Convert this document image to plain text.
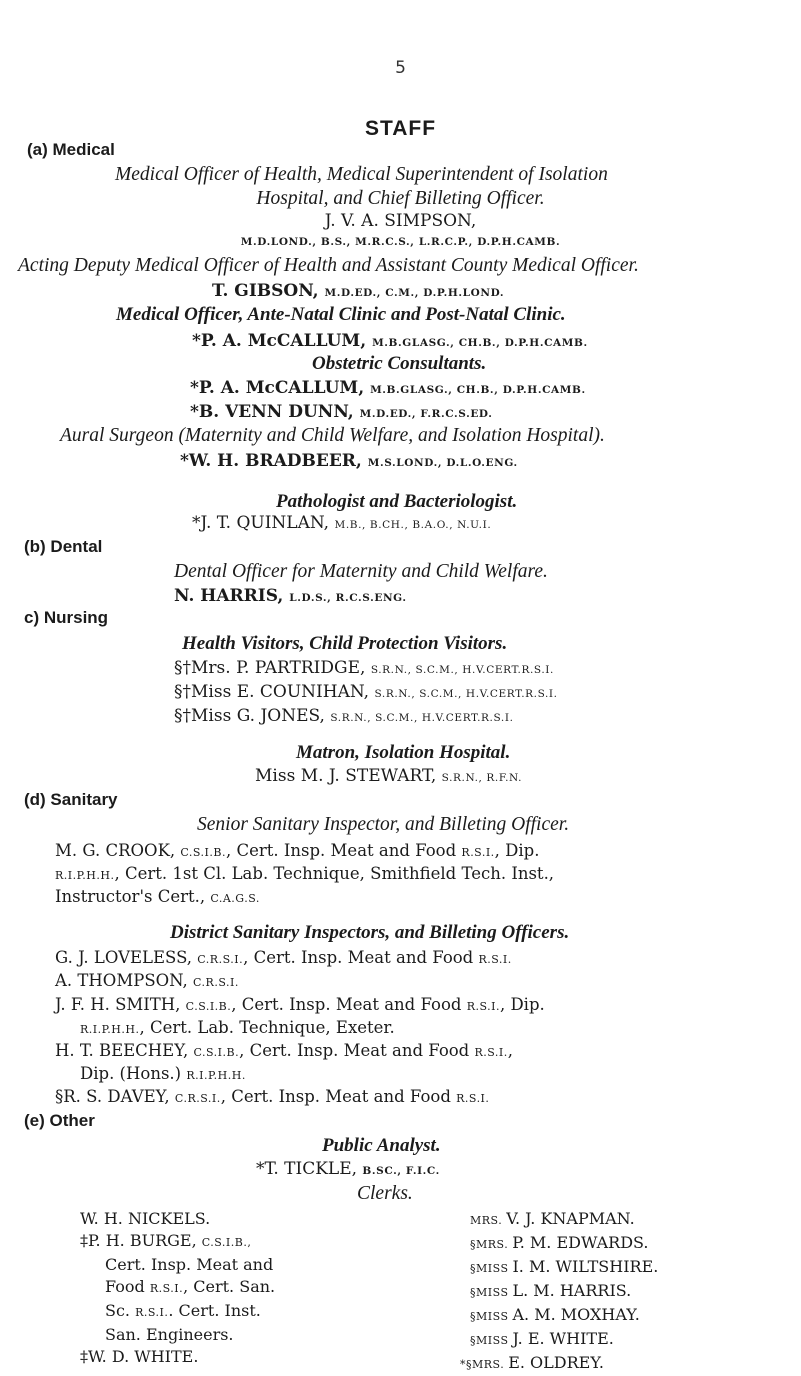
5
STAFF
(a) Medical
Medical Officer of Health, Medical Superintendent of Isolation
Hospital, and Chief Billeting Officer.
J. V. A. SIMPSON,
M.D.LOND., B.S., M.R.C.S., L.R.C.P., D.P.H.CAMB.
Acting Deputy Medical Officer of Health and Assistant County Medical Officer.
T. GIBSON, M.D.ED., C.M., D.P.H.LOND.
Medical Officer, Ante-Natal Clinic and Post-Natal Clinic.
*P. A. McCALLUM, M.B.GLASG., CH.B., D.P.H.CAMB.
Obstetric Consultants.
*P. A. McCALLUM, M.B.GLASG., CH.B., D.P.H.CAMB.
*B. VENN DUNN, M.D.ED., F.R.C.S.ED.
Aural Surgeon (Maternity and Child Welfare, and Isolation Hospital).
*W. H. BRADBEER, M.S.LOND., D.L.O.ENG.
Pathologist and Bacteriologist.
*J. T. QUINLAN, M.B., B.CH., B.A.O., N.U.I.
(b) Dental
Dental Officer for Maternity and Child Welfare.
N. HARRIS, L.D.S., R.C.S.ENG.
c) Nursing
Health Visitors, Child Protection Visitors.
§†Mrs. P. PARTRIDGE, S.R.N., S.C.M., H.V.CERT.R.S.I.
§†Miss E. COUNIHAN, S.R.N., S.C.M., H.V.CERT.R.S.I.
§†Miss G. JONES, S.R.N., S.C.M., H.V.CERT.R.S.I.
Matron, Isolation Hospital.
Miss M. J. STEWART, S.R.N., R.F.N.
(d) Sanitary
Senior Sanitary Inspector, and Billeting Officer.
M. G. CROOK, C.S.I.B., Cert. Insp. Meat and Food R.S.I., Dip.
R.I.P.H.H., Cert. 1st Cl. Lab. Technique, Smithfield Tech. Inst.,
Instructor's Cert., C.A.G.S.
District Sanitary Inspectors, and Billeting Officers.
G. J. LOVELESS, C.R.S.I., Cert. Insp. Meat and Food R.S.I.
A. THOMPSON, C.R.S.I.
J. F. H. SMITH, C.S.I.B., Cert. Insp. Meat and Food R.S.I., Dip.
R.I.P.H.H., Cert. Lab. Technique, Exeter.
H. T. BEECHEY, C.S.I.B., Cert. Insp. Meat and Food R.S.I.,
Dip. (Hons.) R.I.P.H.H.
§R. S. DAVEY, C.R.S.I., Cert. Insp. Meat and Food R.S.I.
(e) Other
Public Analyst.
*T. TICKLE, B.SC., F.I.C.
Clerks.
W. H. NICKELS.
‡P. H. BURGE, C.S.I.B.,
Cert. Insp. Meat and
Food R.S.I., Cert. San.
Sc. R.S.I.. Cert. Inst.
San. Engineers.
‡W. D. WHITE.
MRS. V. J. KNAPMAN.
§MRS. P. M. EDWARDS.
§MISS I. M. WILTSHIRE.
§MISS L. M. HARRIS.
§MISS A. M. MOXHAY.
§MISS J. E. WHITE.
*§MRS. E. OLDREY.
